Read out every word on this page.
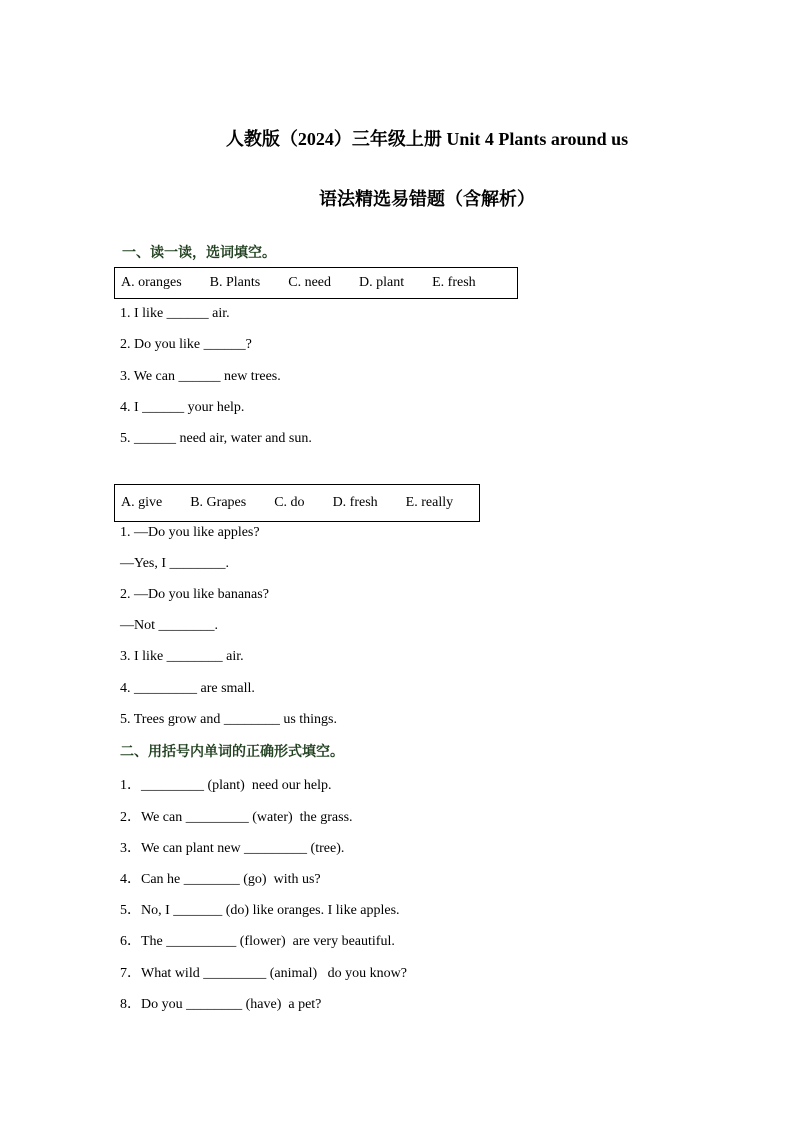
人教版（2024）三年级上册 Unit 4 Plants around us
语法精选易错题（含解析）
一、读一读，选词填空。
A. oranges B. Plants C. need D. plant E. fresh
1. I like ______ air.
2. Do you like ______?
3. We can ______ new trees.
4. I ______ your help.
5. ______ need air, water and sun.
A. give B. Grapes C. do D. fresh E. really
1. —Do you like apples?
—Yes, I ________.
2. —Do you like bananas?
—Not ________.
3. I like ________ air.
4. _________ are small.
5. Trees grow and ________ us things.
二、用括号内单词的正确形式填空。
1．_________ (plant)  need our help.
2．We can _________ (water)  the grass.
3．We can plant new _________ (tree).
4．Can he ________ (go)  with us?
5．No, I _______ (do) like oranges. I like apples.
6．The __________ (flower)  are very beautiful.
7．What wild _________ (animal)   do you know?
8．Do you ________ (have)  a pet?
